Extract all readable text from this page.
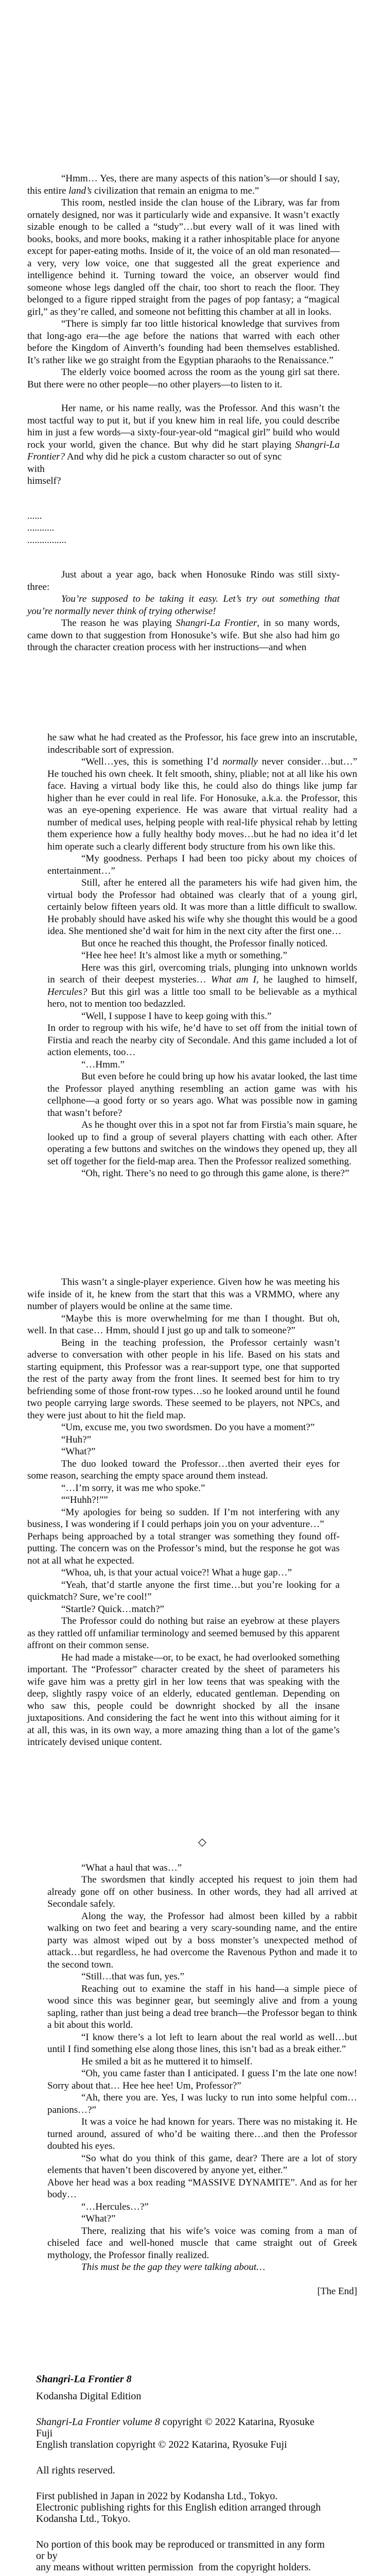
“Hmm… Yes, there are many aspects of this nation’s—or should I say, this entire land’s civilization that remain an enigma to me.”

This room, nestled inside the clan house of the Library, was far from ornately designed, nor was it particularly wide and expansive. It wasn’t exactly sizable enough to be called a “study”…but every wall of it was lined with books, books, and more books, making it a rather inhospitable place for anyone except for paper-eating moths. Inside of it, the voice of an old man resonated—a very, very low voice, one that suggested all the great experience and intelligence behind it. Turning toward the voice, an observer would find someone whose legs dangled off the chair, too short to reach the floor. They belonged to a figure ripped straight from the pages of pop fantasy; a “magical girl,” as they’re called, and someone not befitting this chamber at all in looks.

“There is simply far too little historical knowledge that survives from that long-ago era—the age before the nations that warred with each other before the Kingdom of Ainverth’s founding had been themselves established. It’s rather like we go straight from the Egyptian pharaohs to the Renaissance.”

The elderly voice boomed across the room as the young girl sat there. But there were no other people—no other players—to listen to it.

Her name, or his name really, was the Professor. And this wasn’t the most tactful way to put it, but if you knew him in real life, you could describe him in just a few words—a sixty-four-year-old “magical girl” build who would rock your world, given the chance. But why did he start playing Shangri-La Frontier? And why did he pick a custom character so out of sync
with
himself?

......

...........

................

Just about a year ago, back when Honosuke Rindo was still sixty-three:

You’re supposed to be taking it easy. Let’s try out something that you’re normally never think of trying otherwise!

The reason he was playing Shangri-La Frontier, in so many words, came down to that suggestion from Honosuke’s wife. But she also had him go through the character creation process with her instructions—and when

he saw what he had created as the Professor, his face grew into an inscrutable, indescribable sort of expression.

“Well…yes, this is something I’d normally never consider…but…” He touched his own cheek. It felt smooth, shiny, pliable; not at all like his own face. Having a virtual body like this, he could also do things like jump far higher than he ever could in real life. For Honosuke, a.k.a. the Professor, this was an eye-opening experience. He was aware that virtual reality had a number of medical uses, helping people with real-life physical rehab by letting them experience how a fully healthy body moves…but he had no idea it’d let him operate such a clearly different body structure from his own like this.

“My goodness. Perhaps I had been too picky about my choices of entertainment…”

Still, after he entered all the parameters his wife had given him, the virtual body the Professor had obtained was clearly that of a young girl, certainly below fifteen years old. It was more than a little difficult to swallow. He probably should have asked his wife why she thought this would be a good idea. She mentioned she’d wait for him in the next city after the first one…

But once he reached this thought, the Professor finally noticed.

“Hee hee hee! It’s almost like a myth or something.”

Here was this girl, overcoming trials, plunging into unknown worlds in search of their deepest mysteries… What am I, he laughed to himself, Hercules? But this girl was a little too small to be believable as a mythical hero, not to mention too bedazzled.

“Well, I suppose I have to keep going with this.”
In order to regroup with his wife, he’d have to set off from the initial town of Firstia and reach the nearby city of Secondale. And this game included a lot of action elements, too…

“…Hmm.”

But even before he could bring up how his avatar looked, the last time the Professor played anything resembling an action game was with his cellphone—a good forty or so years ago. What was possible now in gaming that wasn’t before?

As he thought over this in a spot not far from Firstia’s main square, he looked up to find a group of several players chatting with each other. After operating a few buttons and switches on the windows they opened up, they all set off together for the field-map area. Then the Professor realized something.

“Oh, right. There’s no need to go through this game alone, is there?”

This wasn’t a single-player experience. Given how he was meeting his wife inside of it, he knew from the start that this was a VRMMO, where any number of players would be online at the same time.

“Maybe this is more overwhelming for me than I thought. But oh, well. In that case… Hmm, should I just go up and talk to someone?”

Being in the teaching profession, the Professor certainly wasn’t adverse to conversation with other people in his life. Based on his stats and starting equipment, this Professor was a rear-support type, one that supported the rest of the party away from the front lines. It seemed best for him to try befriending some of those front-row types…so he looked around until he found two people carrying large swords. These seemed to be players, not NPCs, and they were just about to hit the field map.

“Um, excuse me, you two swordsmen. Do you have a moment?”

“Huh?”

“What?”

The duo looked toward the Professor…then averted their eyes for some reason, searching the empty space around them instead.

“…I’m sorry, it was me who spoke.”

““Huhh?!””

“My apologies for being so sudden. If I’m not interfering with any business, I was wondering if I could perhaps join you on your adventure…”
Perhaps being approached by a total stranger was something they found off-putting. The concern was on the Professor’s mind, but the response he got was not at all what he expected.

“Whoa, uh, is that your actual voice?! What a huge gap…”

“Yeah, that’d startle anyone the first time…but you’re looking for a quickmatch? Sure, we’re cool!”

“Startle? Quick…match?”

The Professor could do nothing but raise an eyebrow at these players as they rattled off unfamiliar terminology and seemed bemused by this apparent affront on their common sense.

He had made a mistake—or, to be exact, he had overlooked something important. The “Professor” character created by the sheet of parameters his wife gave him was a pretty girl in her low teens that was speaking with the deep, slightly raspy voice of an elderly, educated gentleman. Depending on who saw this, people could be downright shocked by all the insane juxtapositions. And considering the fact he went into this without aiming for it at all, this was, in its own way, a more amazing thing than a lot of the game’s intricately devised unique content.

◇

“What a haul that was…”

The swordsmen that kindly accepted his request to join them had already gone off on other business. In other words, they had all arrived at Secondale safely.

Along the way, the Professor had almost been killed by a rabbit walking on two feet and bearing a very scary-sounding name, and the entire party was almost wiped out by a boss monster’s unexpected method of attack…but regardless, he had overcome the Ravenous Python and made it to the second town.

“Still…that was fun, yes.”

Reaching out to examine the staff in his hand—a simple piece of wood since this was beginner gear, but seemingly alive and from a young sapling, rather than just being a dead tree branch—the Professor began to think a bit about this world.

“I know there’s a lot left to learn about the real world as well…but until I find something else along those lines, this isn’t bad as a break either.”

He smiled a bit as he muttered it to himself.

“Oh, you came faster than I anticipated. I guess I’m the late one now! Sorry about that… Hee hee hee! Um, Professor?”

“Ah, there you are. Yes, I was lucky to run into some helpful com…panions…?”

It was a voice he had known for years. There was no mistaking it. He turned around, assured of who’d be waiting there…and then the Professor doubted his eyes.

“So what do you think of this game, dear? There are a lot of story elements that haven’t been discovered by anyone yet, either.”
Above her head was a box reading “MASSIVE DYNAMITE”. And as for her body…

“…Hercules…?”

“What?”

There, realizing that his wife’s voice was coming from a man of chiseled face and well-honed muscle that came straight out of Greek mythology, the Professor finally realized.

This must be the gap they were talking about…

[The End]

Shangri-La Frontier 8

Kodansha Digital Edition

Shangri-La Frontier volume 8 copyright © 2022 Katarina, Ryosuke Fuji
English translation copyright © 2022 Katarina, Ryosuke Fuji

All rights reserved.

First published in Japan in 2022 by Kodansha Ltd., Tokyo.
Electronic publishing rights for this English edition arranged through
Kodansha Ltd., Tokyo.

No portion of this book may be reproduced or transmitted in any form or by
any means without written permission  from the copyright holders.
